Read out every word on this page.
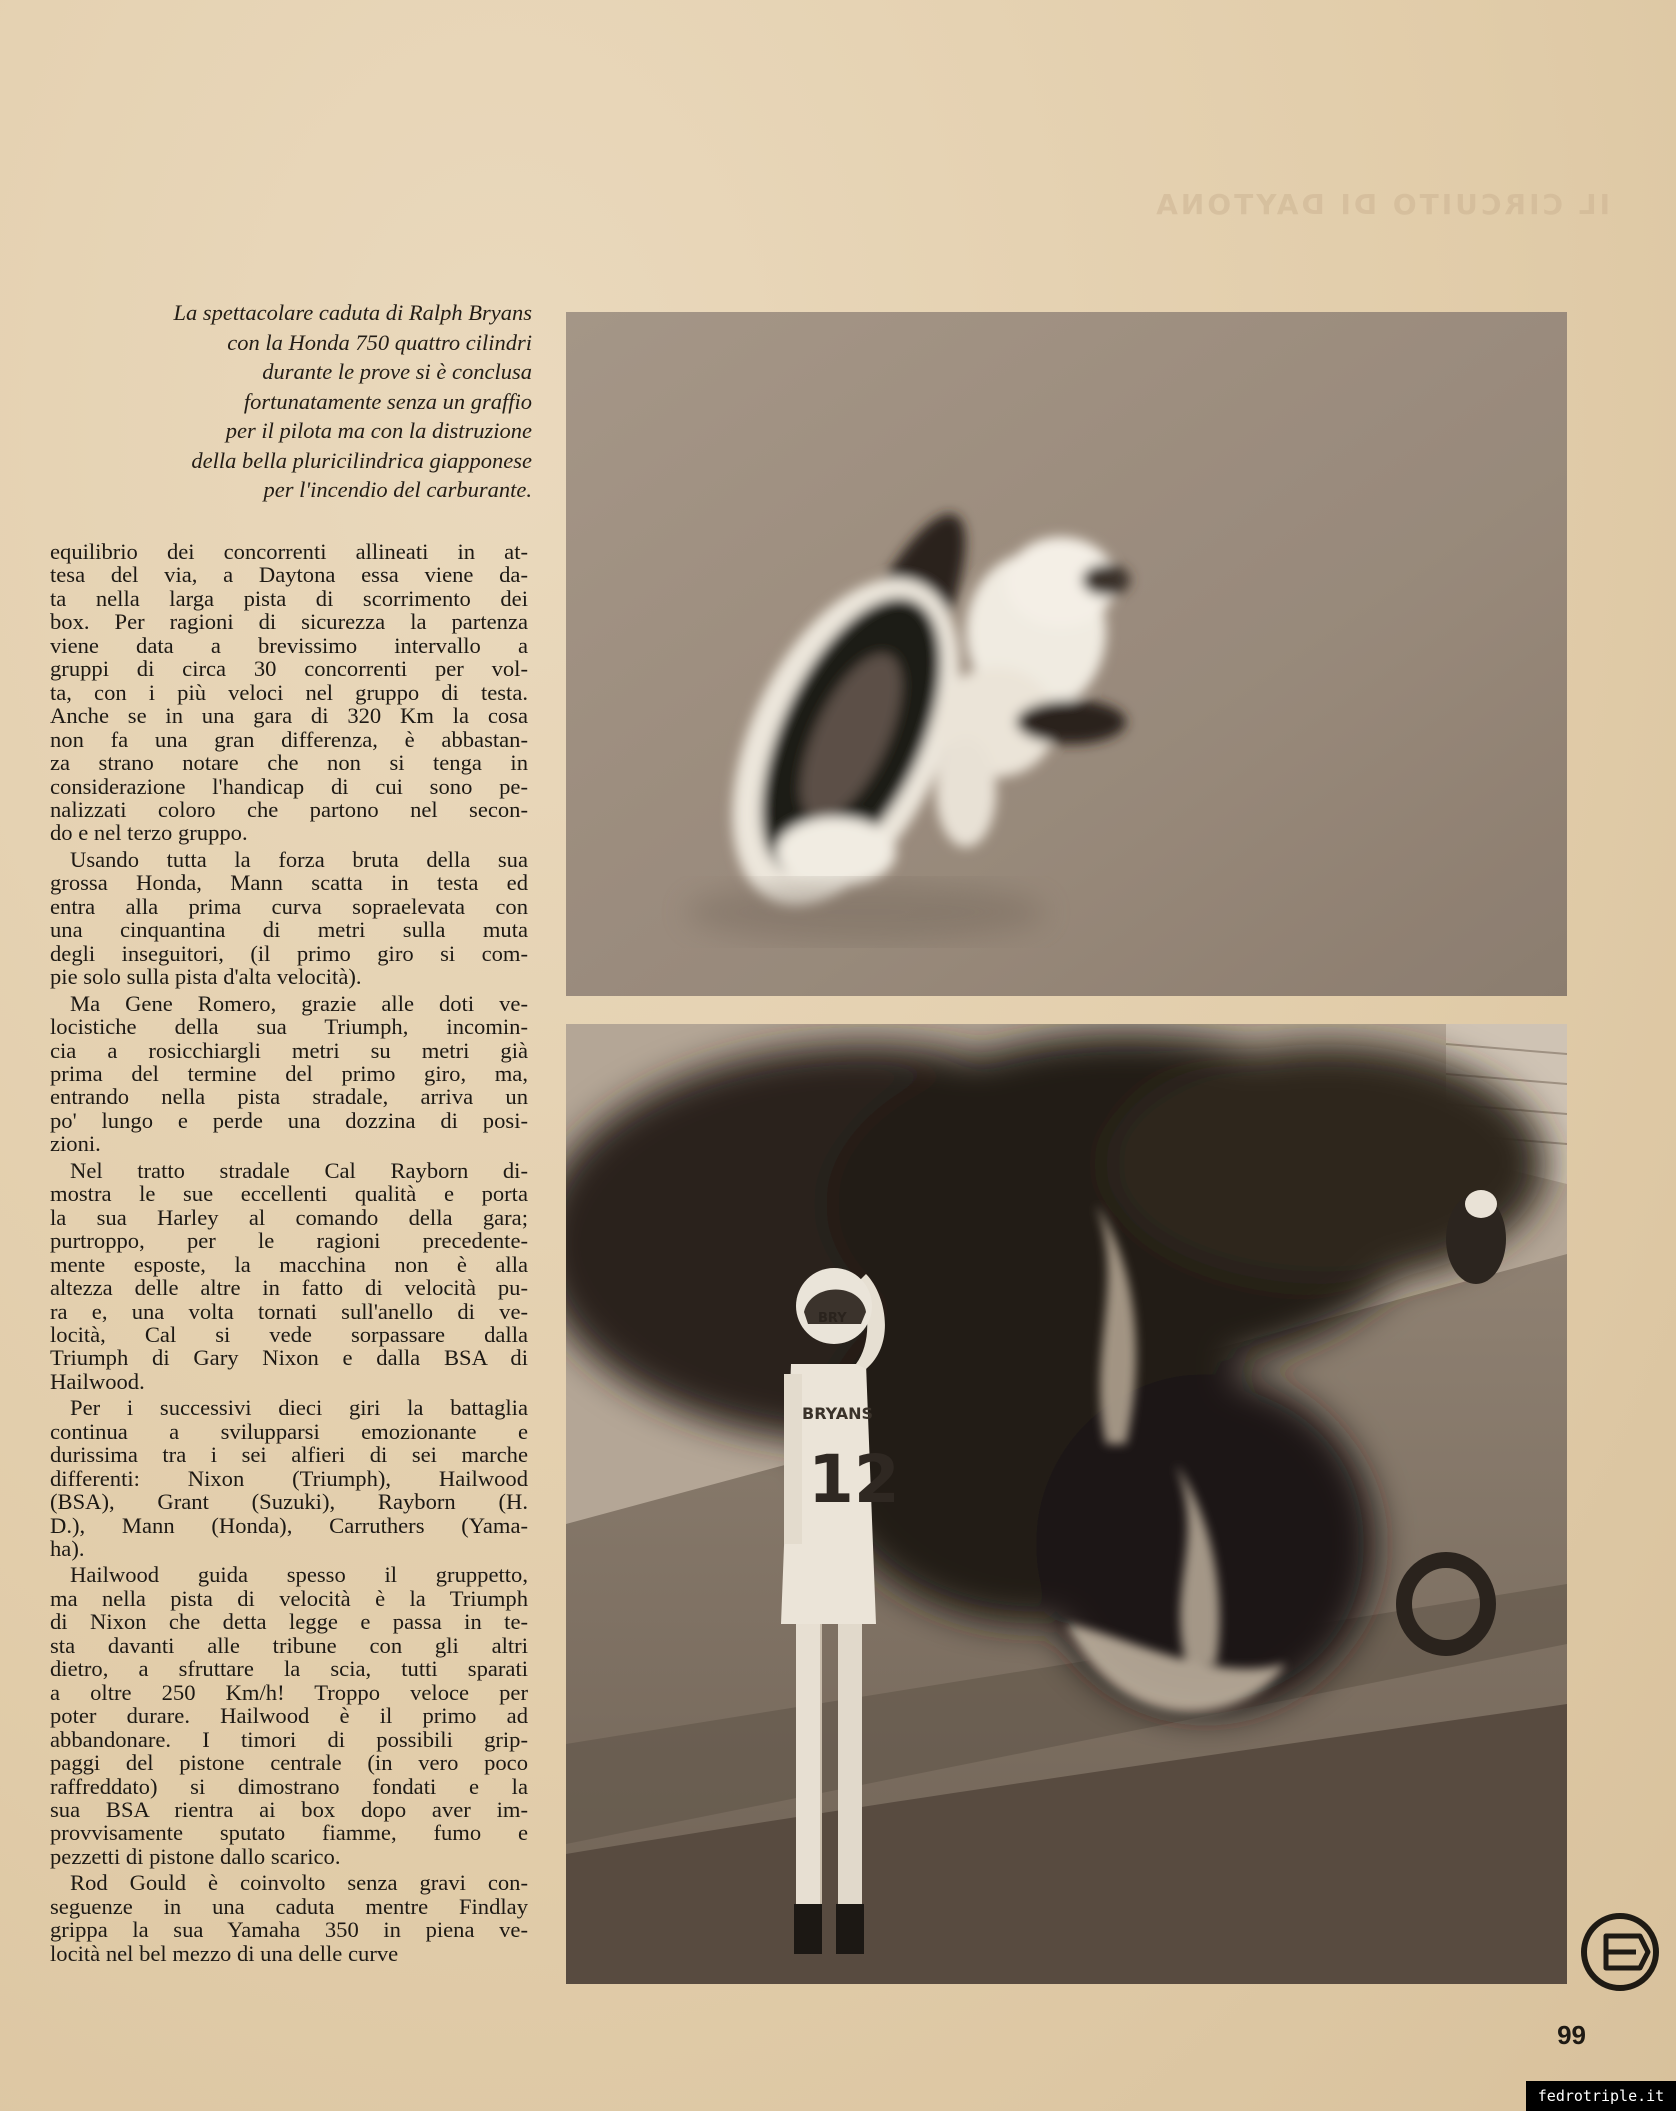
IL CIRCUITO DI DAYTONA
La spettacolare caduta di Ralph Bryans
con la Honda 750 quattro cilindri
durante le prove si è conclusa
fortunatamente senza un graffio
per il pilota ma con la distruzione
della bella pluricilindrica giapponese
per l'incendio del carburante.
equilibrio dei concorrenti allineati in at-
tesa del via, a Daytona essa viene da-
ta nella larga pista di scorrimento dei
box. Per ragioni di sicurezza la partenza
viene data a brevissimo intervallo a
gruppi di circa 30 concorrenti per vol-
ta, con i più veloci nel gruppo di testa.
Anche se in una gara di 320 Km la cosa
non fa una gran differenza, è abbastan-
za strano notare che non si tenga in
considerazione l'handicap di cui sono pe-
nalizzati coloro che partono nel secon-
do e nel terzo gruppo.
Usando tutta la forza bruta della sua
grossa Honda, Mann scatta in testa ed
entra alla prima curva sopraelevata con
una cinquantina di metri sulla muta
degli inseguitori, (il primo giro si com-
pie solo sulla pista d'alta velocità).
Ma Gene Romero, grazie alle doti ve-
locistiche della sua Triumph, incomin-
cia a rosicchiargli metri su metri già
prima del termine del primo giro, ma,
entrando nella pista stradale, arriva un
po' lungo e perde una dozzina di posi-
zioni.
Nel tratto stradale Cal Rayborn di-
mostra le sue eccellenti qualità e porta
la sua Harley al comando della gara;
purtroppo, per le ragioni precedente-
mente esposte, la macchina non è alla
altezza delle altre in fatto di velocità pu-
ra e, una volta tornati sull'anello di ve-
locità, Cal si vede sorpassare dalla
Triumph di Gary Nixon e dalla BSA di
Hailwood.
Per i successivi dieci giri la battaglia
continua a svilupparsi emozionante e
durissima tra i sei alfieri di sei marche
differenti: Nixon (Triumph), Hailwood
(BSA), Grant (Suzuki), Rayborn (H.
D.), Mann (Honda), Carruthers (Yama-
ha).
Hailwood guida spesso il gruppetto,
ma nella pista di velocità è la Triumph
di Nixon che detta legge e passa in te-
sta davanti alle tribune con gli altri
dietro, a sfruttare la scia, tutti sparati
a oltre 250 Km/h! Troppo veloce per
poter durare. Hailwood è il primo ad
abbandonare. I timori di possibili grip-
paggi del pistone centrale (in vero poco
raffreddato) si dimostrano fondati e la
sua BSA rientra ai box dopo aver im-
provvisamente sputato fiamme, fumo e
pezzetti di pistone dallo scarico.
Rod Gould è coinvolto senza gravi con-
seguenze in una caduta mentre Findlay
grippa la sua Yamaha 350 in piena ve-
locità nel bel mezzo di una delle curve
BRY
BRYANS
12
99
fedrotriple.it
